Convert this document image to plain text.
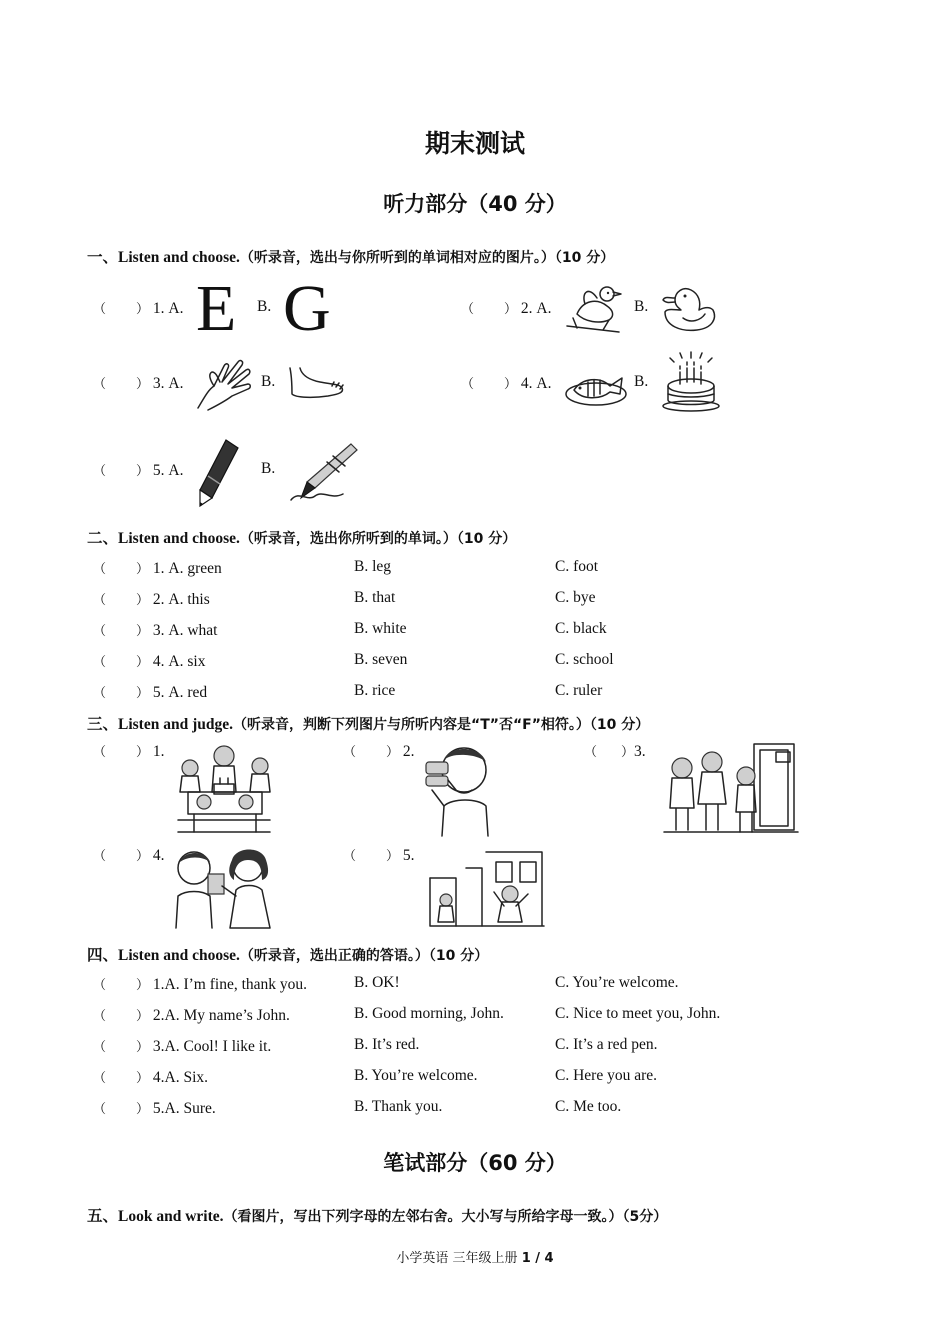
期末测试
听力部分（40 分）
一、Listen and choose.（听录音，选出与你所听到的单词相对应的图片。）（10 分）
（ ） 1. A. E B. G	（ ） 2. A.	B.
（ ） 3. A.	B.	（ ） 4. A.	B.
（ ） 5. A.	B.
二、Listen and choose.（听录音，选出你所听到的单词。）（10 分）
（ ） 1. A. green	B. leg	C. foot
（ ） 2. A. this	B. that	C. bye
（ ） 3. A. what	B. white	C. black
（ ） 4. A. six	B. seven	C. school
（ ） 5. A. red	B. rice	C. ruler
三、Listen and judge.（听录音，判断下列图片与所听内容是“T”否“F”相符。）（10 分）
（ ） 1.	（ ） 2.	（ ）3.
（ ） 4.	（ ） 5.
四、Listen and choose.（听录音，选出正确的答语。）（10 分）
（ ） 1.A. I’m fine, thank you.	B. OK!	C. You’re welcome.
（ ） 2.A. My name’s John.	B. Good morning, John.	C. Nice to meet you, John.
（ ） 3.A. Cool! I like it.	B. It’s red.	C. It’s a red pen.
（ ） 4.A. Six.	B. You’re welcome.	C. Here you are.
（ ） 5.A. Sure.	B. Thank you.	C. Me too.
笔试部分（60 分）
五、Look and write.（看图片，写出下列字母的左邻右舍。大小写与所给字母一致。）（5分）
小学英语 三年级上册 1 / 4
